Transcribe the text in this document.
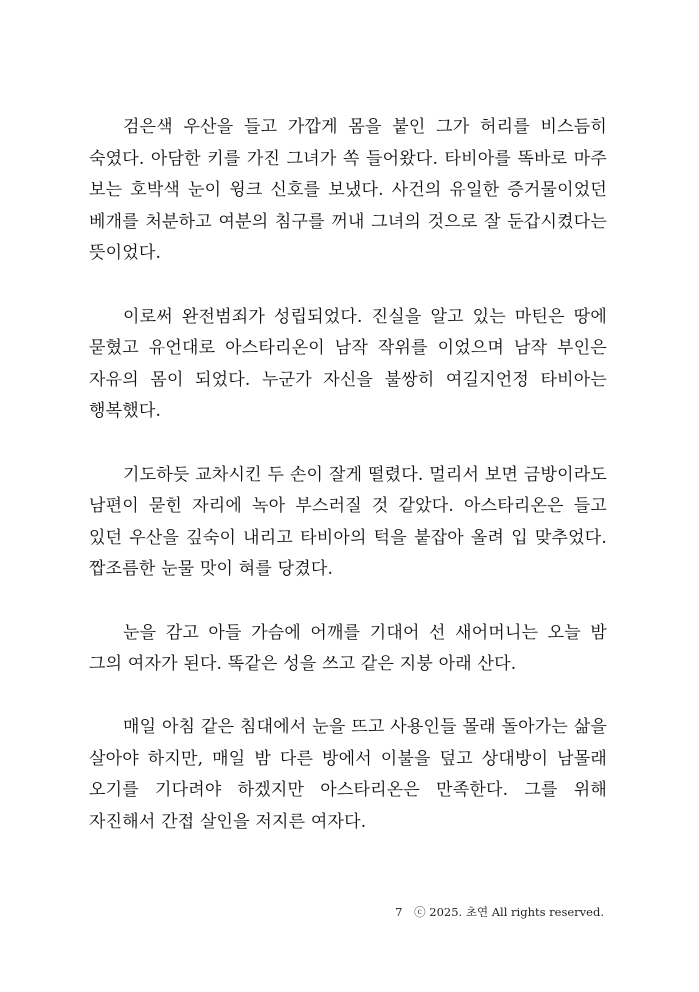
검은색 우산을 들고 가깝게 몸을 붙인 그가 허리를 비스듬히 숙였다. 아담한 키를 가진 그녀가 쏙 들어왔다. 타비아를 똑바로 마주 보는 호박색 눈이 윙크 신호를 보냈다. 사건의 유일한 증거물이었던 베개를 처분하고 여분의 침구를 꺼내 그녀의 것으로 잘 둔갑시켰다는 뜻이었다.

이로써 완전범죄가 성립되었다. 진실을 알고 있는 마틴은 땅에 묻혔고 유언대로 아스타리온이 남작 작위를 이었으며 남작 부인은 자유의 몸이 되었다. 누군가 자신을 불쌍히 여길지언정 타비아는 행복했다.

기도하듯 교차시킨 두 손이 잘게 떨렸다. 멀리서 보면 금방이라도 남편이 묻힌 자리에 녹아 부스러질 것 같았다. 아스타리온은 들고 있던 우산을 깊숙이 내리고 타비아의 턱을 붙잡아 올려 입 맞추었다. 짭조름한 눈물 맛이 혀를 당겼다.

눈을 감고 아들 가슴에 어깨를 기대어 선 새어머니는 오늘 밤 그의 여자가 된다. 똑같은 성을 쓰고 같은 지붕 아래 산다.

매일 아침 같은 침대에서 눈을 뜨고 사용인들 몰래 돌아가는 삶을 살아야 하지만, 매일 밤 다른 방에서 이불을 덮고 상대방이 남몰래 오기를 기다려야 하겠지만 아스타리온은 만족한다. 그를 위해 자진해서 간접 살인을 저지른 여자다.

7 ⓒ 2025. 초연 All rights reserved.
